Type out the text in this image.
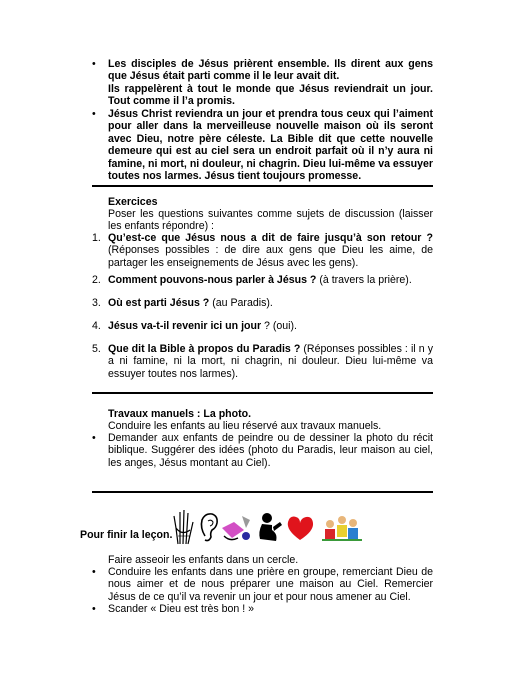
• Les disciples de Jésus prièrent ensemble. Ils dirent aux gens que Jésus était parti comme il le leur avait dit.

Ils rappelèrent à tout le monde que Jésus reviendrait un jour. Tout comme il l’a promis.

• Jésus Christ reviendra un jour et prendra tous ceux qui l’aiment pour aller dans la merveilleuse nouvelle maison où ils seront avec Dieu, notre père céleste. La Bible dit que cette nouvelle demeure qui est au ciel sera un endroit parfait où il n’y aura ni famine, ni mort, ni douleur, ni chagrin. Dieu lui-même va essuyer toutes nos larmes. Jésus tient toujours promesse.

Exercices
Poser les questions suivantes comme sujets de discussion (laisser les enfants répondre) :
1. Qu’est-ce que Jésus nous a dit de faire jusqu’à son retour ? (Réponses possibles : de dire aux gens que Dieu les aime, de partager les enseignements de Jésus avec les gens).
2. Comment pouvons-nous parler à Jésus ? (à travers la prière).
3. Où est parti Jésus ? (au Paradis).
4. Jésus va-t-il revenir ici un jour ? (oui).
5. Que dit la Bible à propos du Paradis ? (Réponses possibles : il n y a ni famine, ni la mort, ni chagrin, ni douleur. Dieu lui-même va essuyer toutes nos larmes).
Travaux manuels : La photo.
Conduire les enfants au lieu réservé aux travaux manuels.
• Demander aux enfants de peindre ou de dessiner la photo du récit biblique. Suggérer des idées (photo du Paradis, leur maison au ciel, les anges, Jésus montant au Ciel).
Pour finir la leçon.
Faire asseoir les enfants dans un cercle.
• Conduire les enfants dans une prière en groupe, remerciant Dieu de nous aimer et de nous préparer une maison au Ciel. Remercier Jésus de ce qu’il va revenir un jour et pour nous amener au Ciel.
• Scander « Dieu est très bon ! »
